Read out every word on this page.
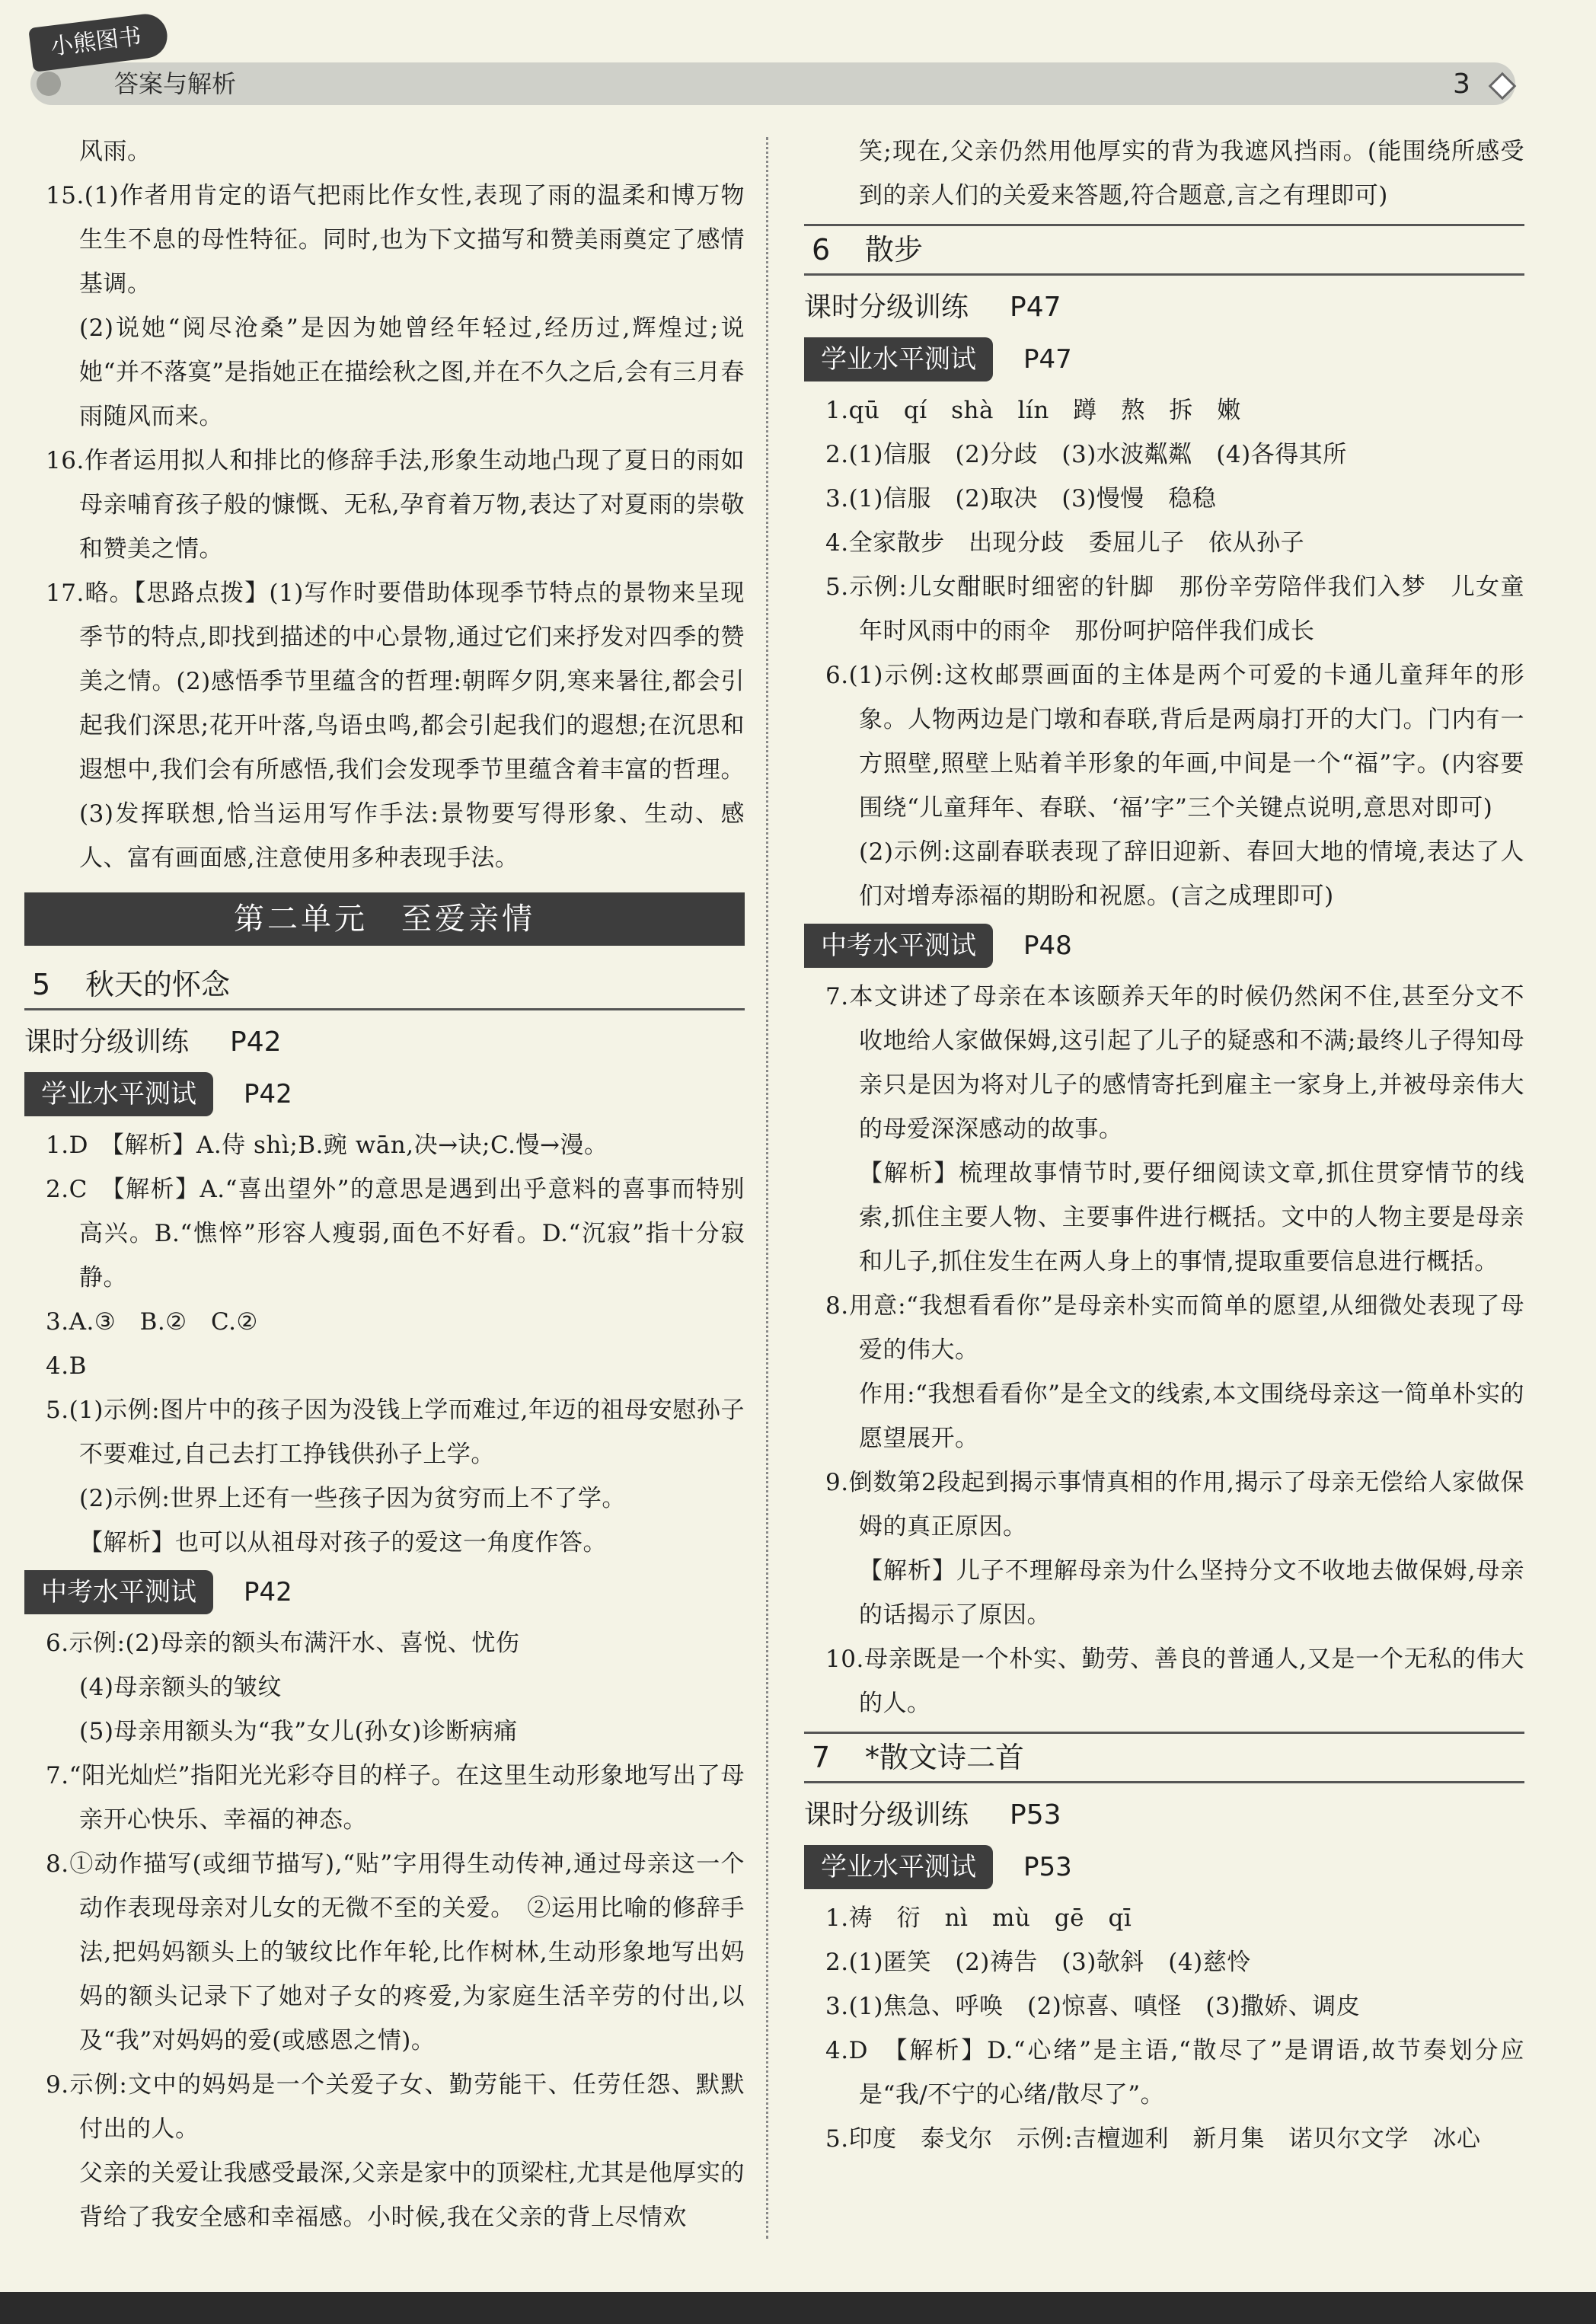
小熊图书
答案与解析	3

风雨。

15.(1)作者用肯定的语气把雨比作女性,表现了雨的温柔和博万物生生不息的母性特征。同时,也为下文描写和赞美雨奠定了感情基调。

(2)说她“阅尽沧桑”是因为她曾经年轻过,经历过,辉煌过;说她“并不落寞”是指她正在描绘秋之图,并在不久之后,会有三月春雨随风而来。

16.作者运用拟人和排比的修辞手法,形象生动地凸现了夏日的雨如母亲哺育孩子般的慷慨、无私,孕育着万物,表达了对夏雨的崇敬和赞美之情。

17.略。【思路点拨】(1)写作时要借助体现季节特点的景物来呈现季节的特点,即找到描述的中心景物,通过它们来抒发对四季的赞美之情。(2)感悟季节里蕴含的哲理:朝晖夕阴,寒来暑往,都会引起我们深思;花开叶落,鸟语虫鸣,都会引起我们的遐想;在沉思和遐想中,我们会有所感悟,我们会发现季节里蕴含着丰富的哲理。(3)发挥联想,恰当运用写作手法:景物要写得形象、生动、感人、富有画面感,注意使用多种表现手法。

第二单元　至爱亲情
5 秋天的怀念
课时分级训练 P42
学业水平测试 P42

1.D　【解析】A.侍 shì;B.豌 wān,决→诀;C.慢→漫。

2.C　【解析】A.“喜出望外”的意思是遇到出乎意料的喜事而特别高兴。B.“憔悴”形容人瘦弱,面色不好看。D.“沉寂”指十分寂静。

3.A.③　B.②　C.②

4.B

5.(1)示例:图片中的孩子因为没钱上学而难过,年迈的祖母安慰孙子不要难过,自己去打工挣钱供孙子上学。

(2)示例:世界上还有一些孩子因为贫穷而上不了学。

【解析】也可以从祖母对孩子的爱这一角度作答。

中考水平测试 P42

6.示例:(2)母亲的额头布满汗水、喜悦、忧伤

(4)母亲额头的皱纹

(5)母亲用额头为“我”女儿(孙女)诊断病痛

7.“阳光灿烂”指阳光光彩夺目的样子。在这里生动形象地写出了母亲开心快乐、幸福的神态。

8.①动作描写(或细节描写),“贴”字用得生动传神,通过母亲这一个动作表现母亲对儿女的无微不至的关爱。　②运用比喻的修辞手法,把妈妈额头上的皱纹比作年轮,比作树林,生动形象地写出妈妈的额头记录下了她对子女的疼爱,为家庭生活辛劳的付出,以及“我”对妈妈的爱(或感恩之情)。

9.示例:文中的妈妈是一个关爱子女、勤劳能干、任劳任怨、默默付出的人。

父亲的关爱让我感受最深,父亲是家中的顶梁柱,尤其是他厚实的背给了我安全感和幸福感。小时候,我在父亲的背上尽情欢

笑;现在,父亲仍然用他厚实的背为我遮风挡雨。(能围绕所感受到的亲人们的关爱来答题,符合题意,言之有理即可)

6 散步
课时分级训练 P47
学业水平测试 P47

1.qū　qí　shà　lín　蹲　熬　拆　嫩

2.(1)信服　(2)分歧　(3)水波粼粼　(4)各得其所

3.(1)信服　(2)取决　(3)慢慢　稳稳

4.全家散步　出现分歧　委屈儿子　依从孙子

5.示例:儿女酣眠时细密的针脚　那份辛劳陪伴我们入梦　儿女童年时风雨中的雨伞　那份呵护陪伴我们成长

6.(1)示例:这枚邮票画面的主体是两个可爱的卡通儿童拜年的形象。人物两边是门墩和春联,背后是两扇打开的大门。门内有一方照壁,照壁上贴着羊形象的年画,中间是一个“福”字。(内容要围绕“儿童拜年、春联、‘福’字”三个关键点说明,意思对即可)

(2)示例:这副春联表现了辞旧迎新、春回大地的情境,表达了人们对增寿添福的期盼和祝愿。(言之成理即可)

中考水平测试 P48

7.本文讲述了母亲在本该颐养天年的时候仍然闲不住,甚至分文不收地给人家做保姆,这引起了儿子的疑惑和不满;最终儿子得知母亲只是因为将对儿子的感情寄托到雇主一家身上,并被母亲伟大的母爱深深感动的故事。

【解析】梳理故事情节时,要仔细阅读文章,抓住贯穿情节的线索,抓住主要人物、主要事件进行概括。文中的人物主要是母亲和儿子,抓住发生在两人身上的事情,提取重要信息进行概括。

8.用意:“我想看看你”是母亲朴实而简单的愿望,从细微处表现了母爱的伟大。

作用:“我想看看你”是全文的线索,本文围绕母亲这一简单朴实的愿望展开。

9.倒数第2段起到揭示事情真相的作用,揭示了母亲无偿给人家做保姆的真正原因。

【解析】儿子不理解母亲为什么坚持分文不收地去做保姆,母亲的话揭示了原因。

10.母亲既是一个朴实、勤劳、善良的普通人,又是一个无私的伟大的人。

7 *散文诗二首
课时分级训练 P53
学业水平测试 P53

1.祷　衍　nì　mù　gē　qī

2.(1)匿笑　(2)祷告　(3)欹斜　(4)慈怜

3.(1)焦急、呼唤　(2)惊喜、嗔怪　(3)撒娇、调皮

4.D　【解析】D.“心绪”是主语,“散尽了”是谓语,故节奏划分应是“我/不宁的心绪/散尽了”。

5.印度　泰戈尔　示例:吉檀迦利　新月集　诺贝尔文学　冰心
